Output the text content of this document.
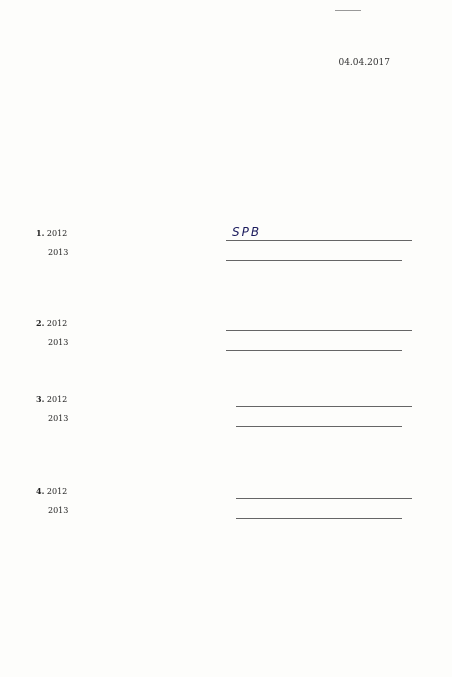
04.04.2017
1. 2012	SPB
2013
2. 2012
2013
3. 2012
2013
4. 2012
2013
